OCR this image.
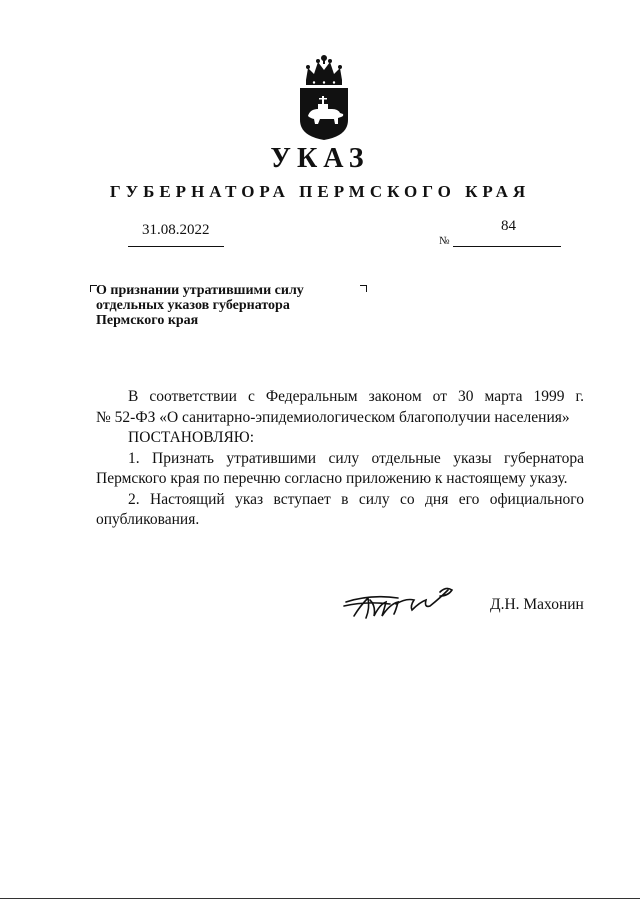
УКАЗ
ГУБЕРНАТОРА ПЕРМСКОГО КРАЯ
31.08.2022
№
84
О признании утратившими силу
отдельных указов губернатора
Пермского края
В соответствии с Федеральным законом от 30 марта 1999 г.
№ 52-ФЗ «О санитарно-эпидемиологическом благополучии населения»
ПОСТАНОВЛЯЮ:
1. Признать утратившими силу отдельные указы губернатора
Пермского края по перечню согласно приложению к настоящему указу.
2. Настоящий указ вступает в силу со дня его официального
опубликования.
Д.Н. Махонин
